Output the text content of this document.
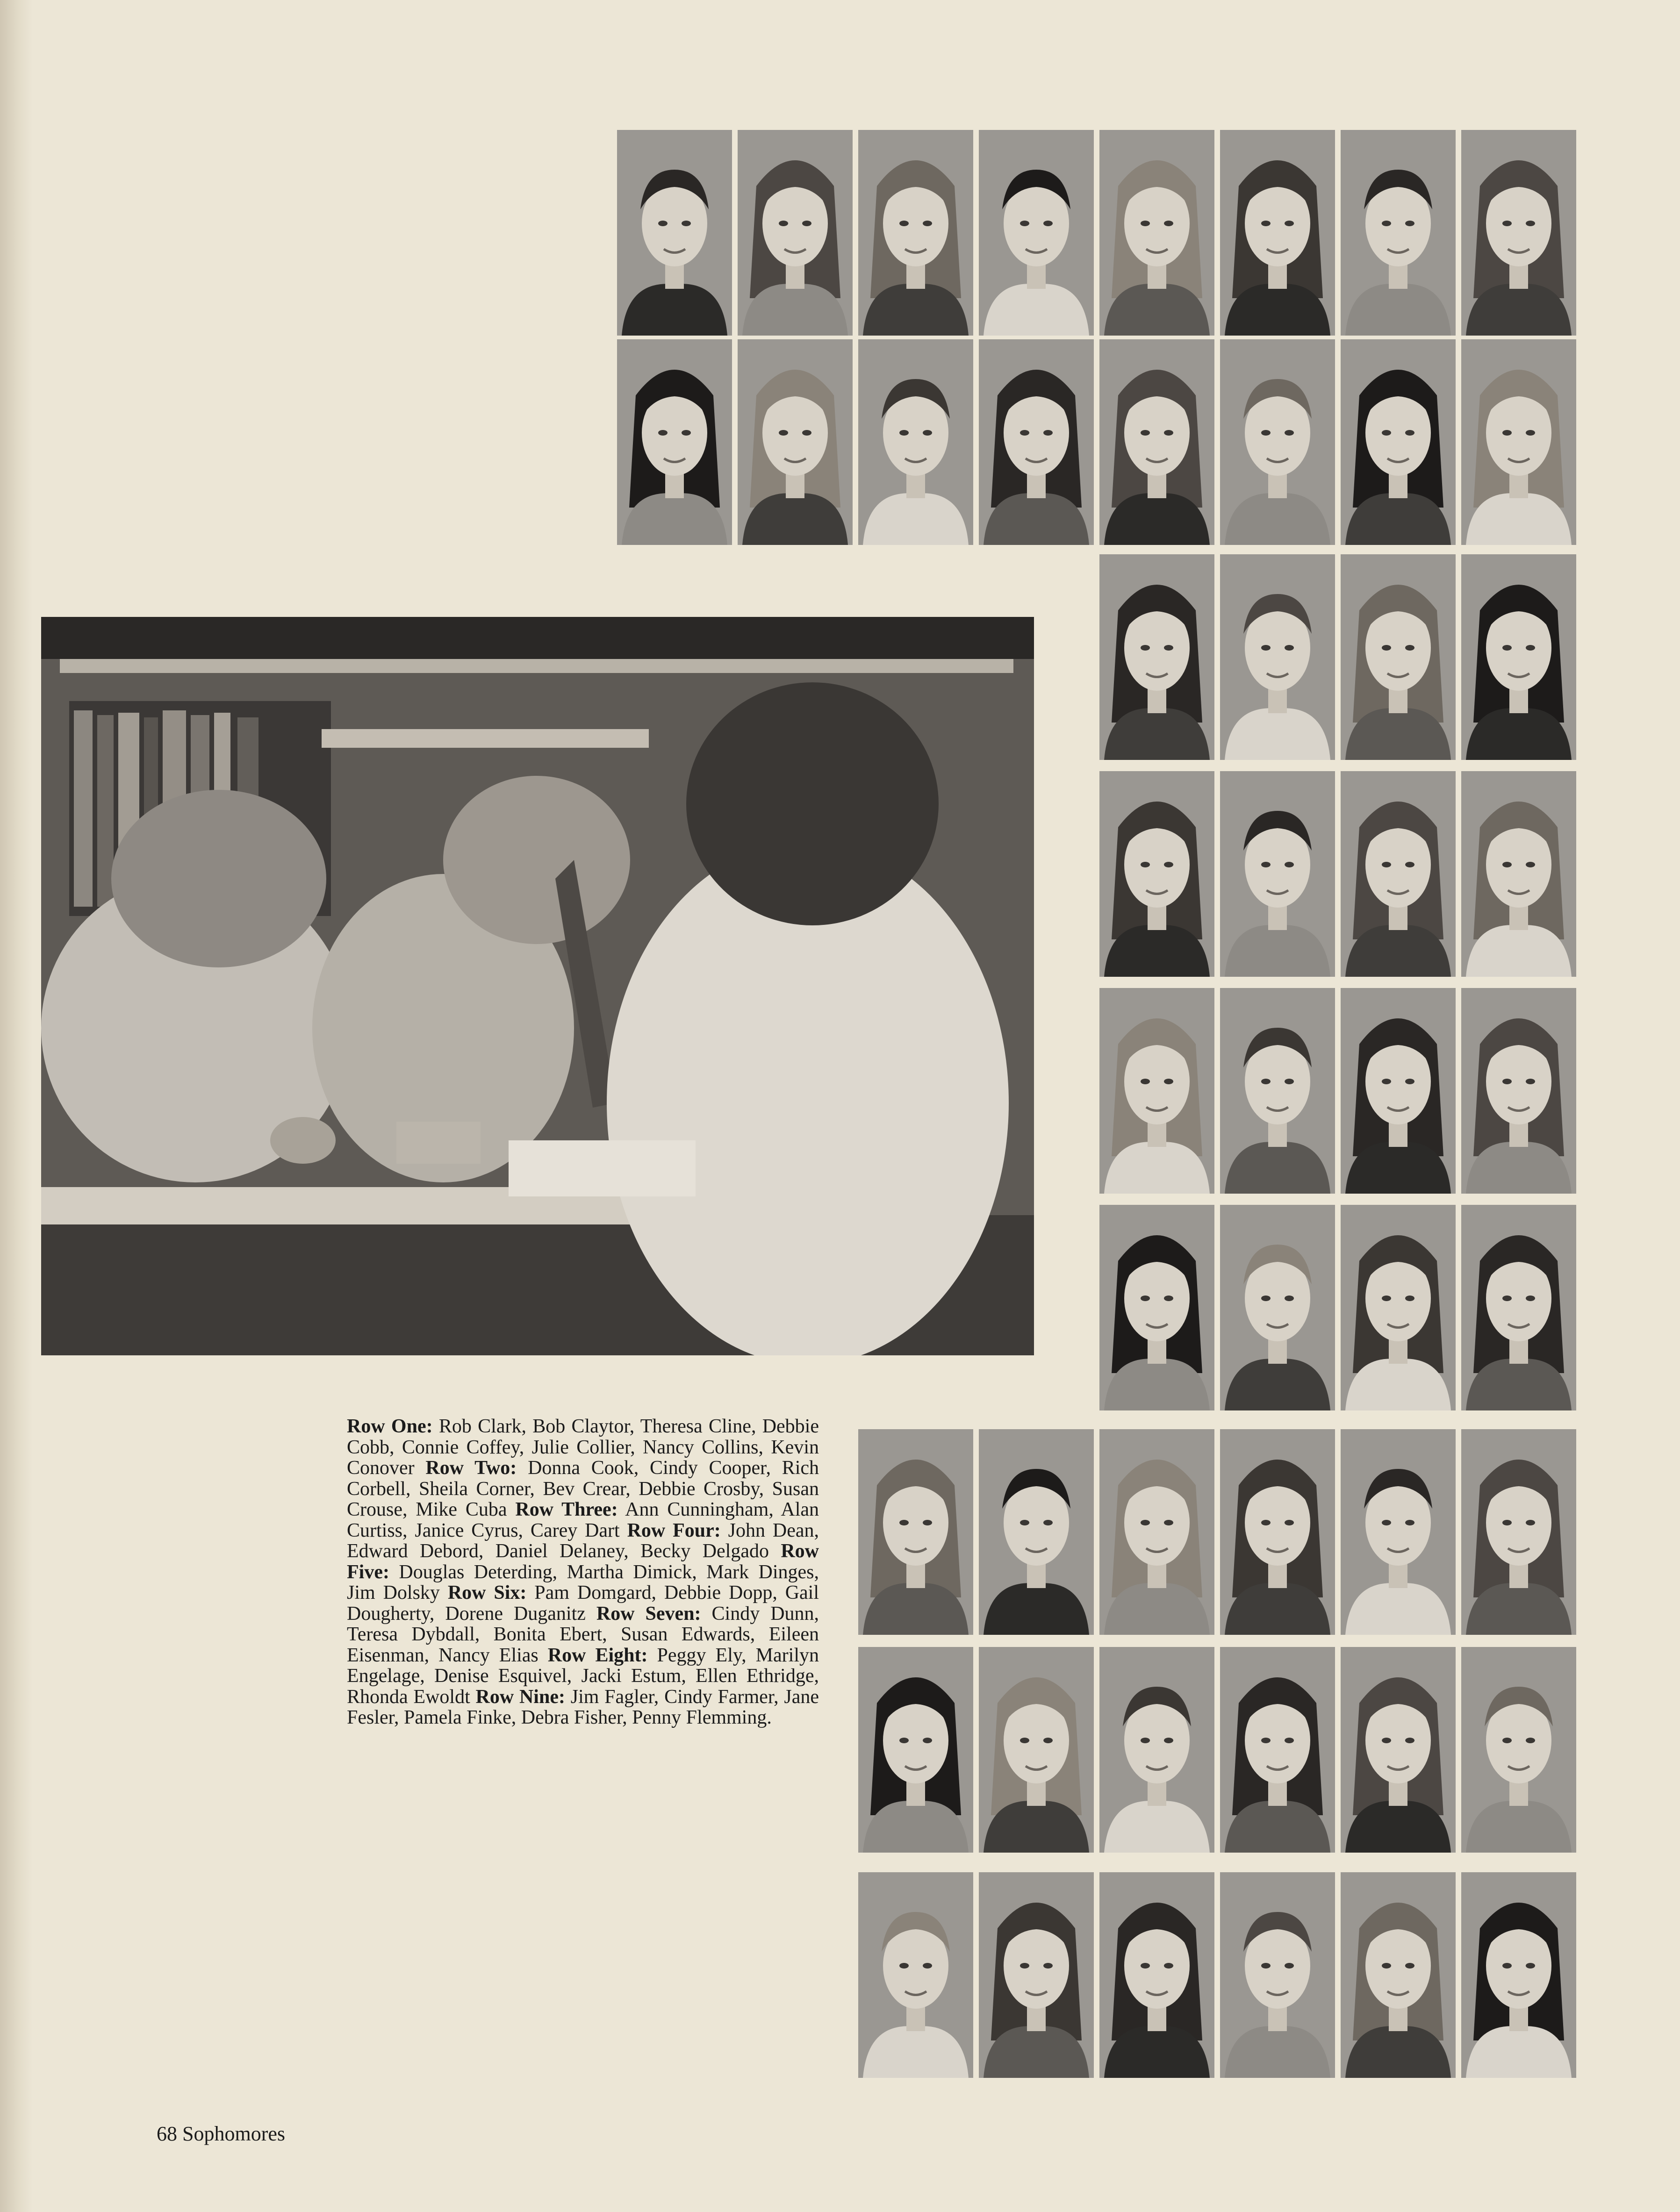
Row One: Rob Clark, Bob Claytor, Theresa Cline, Debbie Cobb, Connie Coffey, Julie Collier, Nancy Collins, Kevin Conover Row Two: Donna Cook, Cindy Cooper, Rich Corbell, Sheila Corner, Bev Crear, Debbie Crosby, Susan Crouse, Mike Cuba Row Three: Ann Cunningham, Alan Curtiss, Janice Cyrus, Carey Dart Row Four: John Dean, Edward Debord, Daniel Delaney, Becky Delgado Row Five: Douglas Deterding, Martha Dimick, Mark Dinges, Jim Dolsky Row Six: Pam Domgard, Debbie Dopp, Gail Dougherty, Dorene Duganitz Row Seven: Cindy Dunn, Teresa Dybdall, Bonita Ebert, Susan Edwards, Eileen Eisenman, Nancy Elias Row Eight: Peggy Ely, Marilyn Engelage, Denise Esquivel, Jacki Estum, Ellen Ethridge, Rhonda Ewoldt Row Nine: Jim Fagler, Cindy Farmer, Jane Fesler, Pamela Finke, Debra Fisher, Penny Flemming.
68 Sophomores
